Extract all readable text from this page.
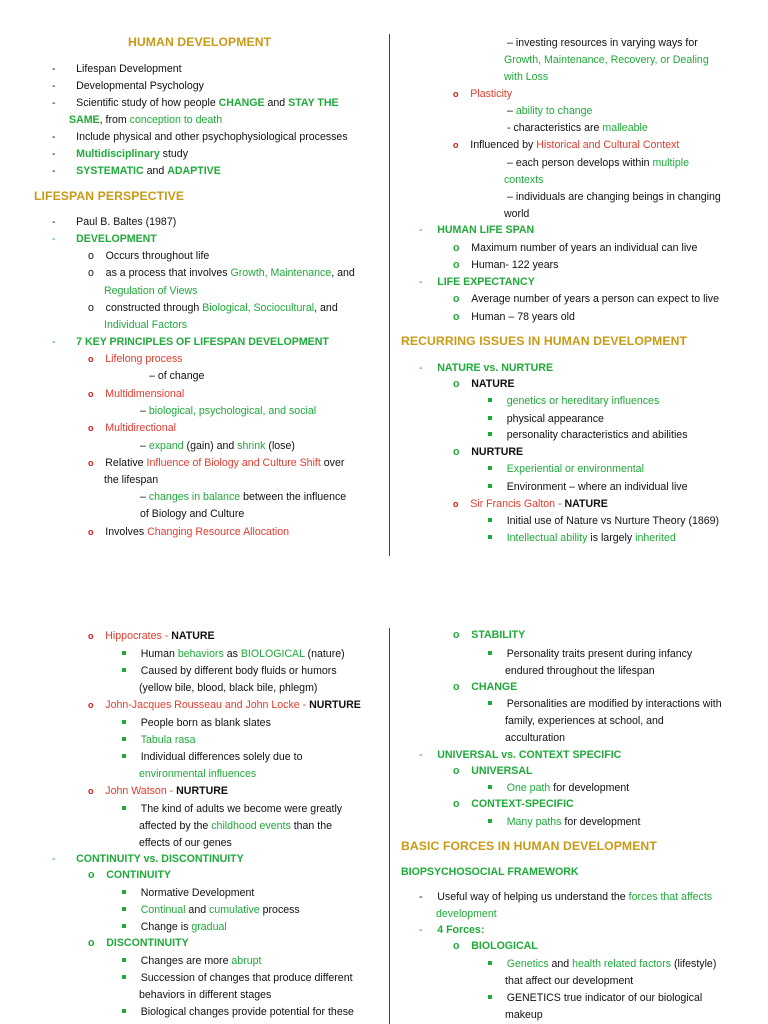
HUMAN DEVELOPMENT
-       Lifespan Development
-       Developmental Psychology
-       Scientific study of how people CHANGE and STAY THE
SAME, from conception to death
-       Include physical and other psychophysiological processes
-       Multidisciplinary study
-       SYSTEMATIC and ADAPTIVE
LIFESPAN PERSPECTIVE
-       Paul B. Baltes (1987)
- DEVELOPMENT
o    Occurs throughout life
o    as a process that involves Growth, Maintenance, and
Regulation of Views
o    constructed through Biological, Sociocultural, and
Individual Factors
- 7 KEY PRINCIPLES OF LIFESPAN DEVELOPMENT
o Lifelong process
– of change
o Multidimensional
– biological, psychological, and social
o Multidirectional
– expand (gain) and shrink (lose)
o Relative Influence of Biology and Culture Shift over
the lifespan
– changes in balance between the influence
of Biology and Culture
o Involves Changing Resource Allocation
– investing resources in varying ways for
Growth, Maintenance, Recovery, or Dealing
with Loss
o Plasticity
– ability to change
- characteristics are malleable
o Influenced by Historical and Cultural Context
– each person develops within multiple
contexts
– individuals are changing beings in changing
world
- HUMAN LIFE SPAN
o Maximum number of years an individual can live
o Human- 122 years
- LIFE EXPECTANCY
o Average number of years a person can expect to live
o Human – 78 years old
RECURRING ISSUES IN HUMAN DEVELOPMENT
- NATURE vs. NURTURE
o NATURE
genetics or hereditary influences
physical appearance
personality characteristics and abilities
o NURTURE
Experiential or environmental
Environment – where an individual live
o Sir Francis Galton - NATURE
Initial use of Nature vs Nurture Theory (1869)
Intellectual ability is largely inherited
o Hippocrates - NATURE
Human behaviors as BIOLOGICAL (nature)
Caused by different body fluids or humors
(yellow bile, blood, black bile, phlegm)
o John-Jacques Rousseau and John Locke - NURTURE
People born as blank slates
Tabula rasa
Individual differences solely due to
environmental influences
o John Watson - NURTURE
The kind of adults we become were greatly
affected by the childhood events than the
effects of our genes
- CONTINUITY vs. DISCONTINUITY
o CONTINUITY
Normative Development
Continual and cumulative process
Change is gradual
o DISCONTINUITY
Changes are more abrupt
Succession of changes that produce different
behaviors in different stages
Biological changes provide potential for these
o STABILITY
Personality traits present during infancy
endured throughout the lifespan
o CHANGE
Personalities are modified by interactions with
family, experiences at school, and
acculturation
- UNIVERSAL vs. CONTEXT SPECIFIC
o UNIVERSAL
One path for development
o CONTEXT-SPECIFIC
Many paths for development
BASIC FORCES IN HUMAN DEVELOPMENT
BIOPSYCHOSOCIAL FRAMEWORK
-     Useful way of helping us understand the forces that affects
development
- 4 Forces:
o BIOLOGICAL
Genetics and health related factors (lifestyle)
that affect our development
GENETICS true indicator of our biological
makeup
